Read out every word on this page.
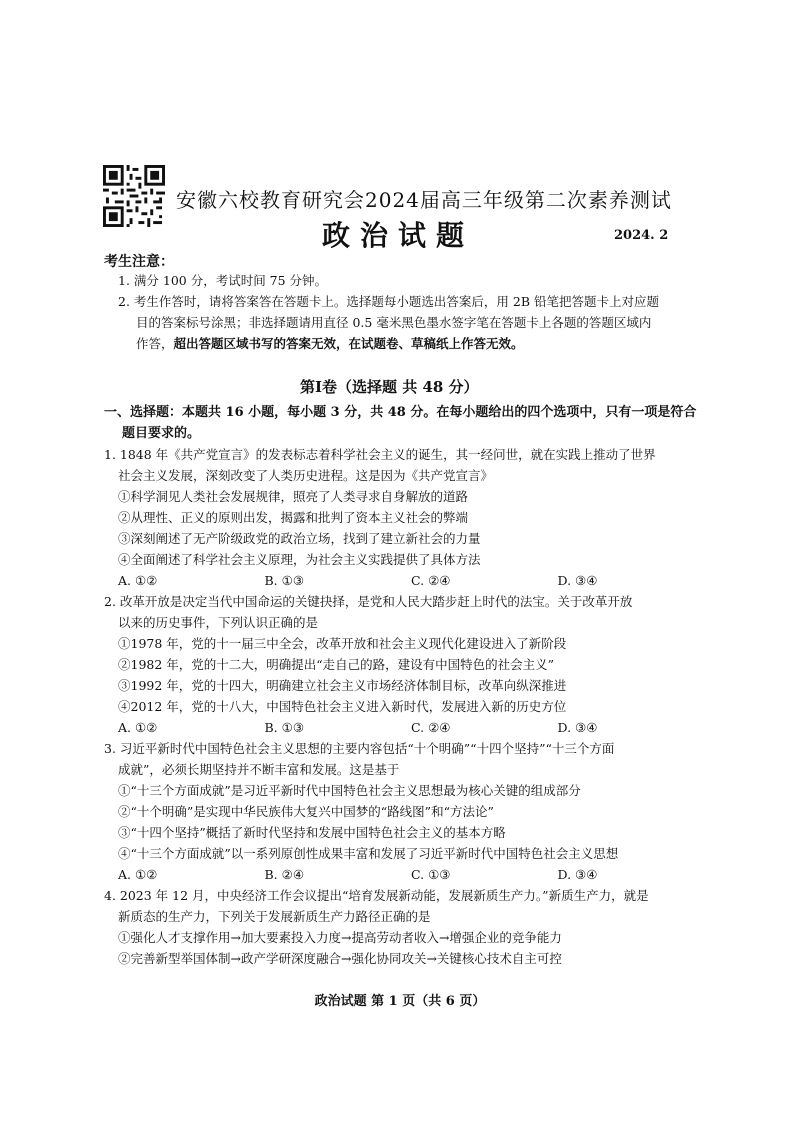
安徽六校教育研究会2024届高三年级第二次素养测试
政治试题	2024. 2
考生注意：

1. 满分 100 分，考试时间 75 分钟。

2. 考生作答时，请将答案答在答题卡上。选择题每小题选出答案后，用 2B 铅笔把答题卡上对应题
目的答案标号涂黑；非选择题请用直径 0.5 毫米黑色墨水签字笔在答题卡上各题的答题区域内
作答，超出答题区域书写的答案无效，在试题卷、草稿纸上作答无效。

第Ⅰ卷（选择题 共 48 分）
一、选择题：本题共 16 小题，每小题 3 分，共 48 分。在每小题给出的四个选项中，只有一项是符合
题目要求的。

1. 1848 年《共产党宣言》的发表标志着科学社会主义的诞生，其一经问世，就在实践上推动了世界
社会主义发展，深刻改变了人类历史进程。这是因为《共产党宣言》

①科学洞见人类社会发展规律，照亮了人类寻求自身解放的道路
②从理性、正义的原则出发，揭露和批判了资本主义社会的弊端
③深刻阐述了无产阶级政党的政治立场，找到了建立新社会的力量
④全面阐述了科学社会主义原理，为社会主义实践提供了具体方法
A. ①②	B. ①③	C. ②④	D. ③④

2. 改革开放是决定当代中国命运的关键抉择，是党和人民大踏步赶上时代的法宝。关于改革开放
以来的历史事件，下列认识正确的是

①1978 年，党的十一届三中全会，改革开放和社会主义现代化建设进入了新阶段
②1982 年，党的十二大，明确提出“走自己的路，建设有中国特色的社会主义”
③1992 年，党的十四大，明确建立社会主义市场经济体制目标，改革向纵深推进
④2012 年，党的十八大，中国特色社会主义进入新时代，发展进入新的历史方位
A. ①②	B. ①③	C. ②④	D. ③④

3. 习近平新时代中国特色社会主义思想的主要内容包括“十个明确”“十四个坚持”“十三个方面
成就”，必须长期坚持并不断丰富和发展。这是基于

①“十三个方面成就”是习近平新时代中国特色社会主义思想最为核心关键的组成部分
②“十个明确”是实现中华民族伟大复兴中国梦的“路线图”和“方法论”
③“十四个坚持”概括了新时代坚持和发展中国特色社会主义的基本方略
④“十三个方面成就”以一系列原创性成果丰富和发展了习近平新时代中国特色社会主义思想
A. ①②	B. ②④	C. ①③	D. ③④

4. 2023 年 12 月，中央经济工作会议提出“培育发展新动能，发展新质生产力。”新质生产力，就是
新质态的生产力，下列关于发展新质生产力路径正确的是

①强化人才支撑作用→加大要素投入力度→提高劳动者收入→增强企业的竞争能力
②完善新型举国体制→政产学研深度融合→强化协同攻关→关键核心技术自主可控
政治试题 第 1 页（共 6 页）
